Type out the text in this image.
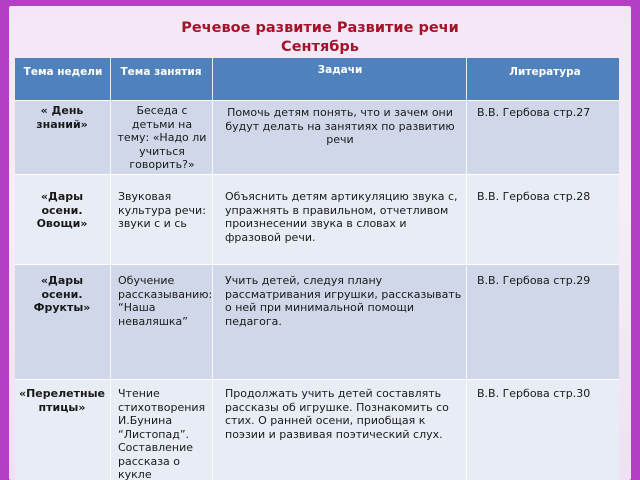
Речевое развитие Развитие речи
Сентябрь
Тема недели Тема занятия	Задачи	Литература
« День знаний»
Беседа с детьми на тему: «Надо ли учиться говорить?»
Помочь детям понять, что и зачем они будут делать на занятиях по развитию речи
В.В. Гербова стр.27
«Дары осени. Овощи»
Звуковая культура речи: звуки с и сь
Объяснить детям артикуляцию звука с, упражнять в правильном, отчетливом произнесении звука в словах и фразовой речи.
В.В. Гербова стр.28
«Дары осени. Фрукты»
Обучение рассказыванию: “Наша неваляшка”
Учить детей, следуя плану рассматривания игрушки, рассказывать о ней при минимальной помощи педагога.
В.В. Гербова стр.29
«Перелетные птицы»
Чтение стихотворения И.Бунина “Листопад”. Составление рассказа о кукле
Продолжать учить детей составлять рассказы об игрушке. Познакомить со стих. О ранней осени, приобщая к поэзии и развивая поэтический слух.
В.В. Гербова стр.30
